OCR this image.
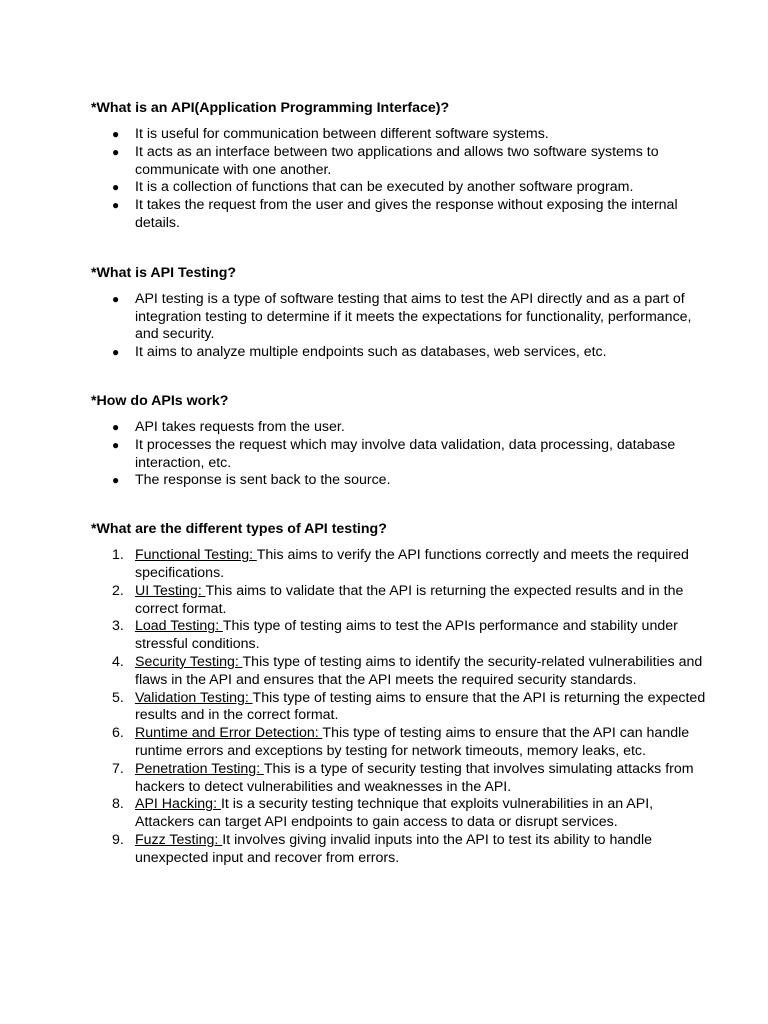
*What is an API(Application Programming Interface)?

● It is useful for communication between different software systems.
● It acts as an interface between two applications and allows two software systems to communicate with one another.
● It is a collection of functions that can be executed by another software program.
● It takes the request from the user and gives the response without exposing the internal details.

*What is API Testing?

● API testing is a type of software testing that aims to test the API directly and as a part of integration testing to determine if it meets the expectations for functionality, performance, and security.
● It aims to analyze multiple endpoints such as databases, web services, etc.

*How do APIs work?

● API takes requests from the user.
● It processes the request which may involve data validation, data processing, database interaction, etc.
● The response is sent back to the source.

*What are the different types of API testing?

1. Functional Testing: This aims to verify the API functions correctly and meets the required specifications.
2. UI Testing: This aims to validate that the API is returning the expected results and in the correct format.
3. Load Testing: This type of testing aims to test the APIs performance and stability under stressful conditions.
4. Security Testing: This type of testing aims to identify the security-related vulnerabilities and flaws in the API and ensures that the API meets the required security standards.
5. Validation Testing: This type of testing aims to ensure that the API is returning the expected results and in the correct format.
6. Runtime and Error Detection: This type of testing aims to ensure that the API can handle runtime errors and exceptions by testing for network timeouts, memory leaks, etc.
7. Penetration Testing: This is a type of security testing that involves simulating attacks from hackers to detect vulnerabilities and weaknesses in the API.
8. API Hacking: It is a security testing technique that exploits vulnerabilities in an API, Attackers can target API endpoints to gain access to data or disrupt services.
9. Fuzz Testing: It involves giving invalid inputs into the API to test its ability to handle unexpected input and recover from errors.
